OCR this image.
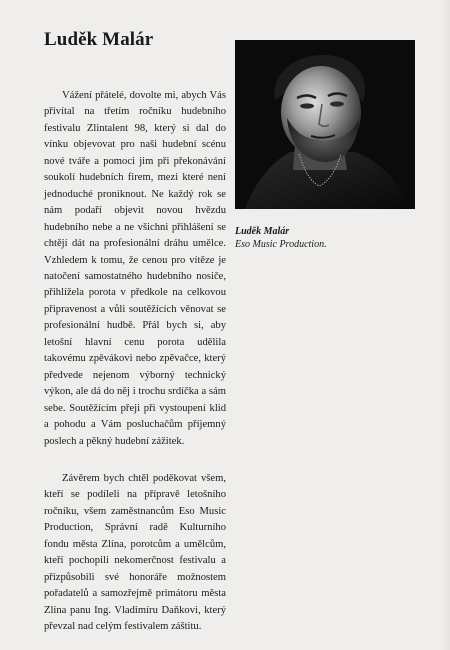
Luděk Malár

Vážení přátelé, dovolte mi, abych Vás přivítal na třetím ročníku hudebního festivalu Zlintalent 98, který si dal do vínku objevovat pro naši hudební scénu nové tváře a pomoci jim při překonávání soukolí hudebních firem, mezi které není jednoduché proniknout. Ne každý rok se nám podaří objevit novou hvězdu hudebního nebe a ne všichni přihlášení se chtějí dát na profesionální dráhu umělce. Vzhledem k tomu, že cenou pro vítěze je natočení samostatného hudebního nosiče, přihlížela porota v předkole na celkovou připravenost a vůli soutěžících věnovat se profesionální hudbě. Přál bych si, aby letošní hlavní cenu porota udělila takovému zpěvákovi nebo zpěvačce, který předvede nejenom výborný technický výkon, ale dá do něj i trochu srdíčka a sám sebe. Soutěžícím přeji při vystoupení klid a pohodu a Vám posluchačům příjemný poslech a pěkný hudební zážitek.

Závěrem bych chtěl poděkovat všem, kteří se podíleli na přípravě letošního ročníku, všem zaměstnancům Eso Music Production, Správní radě Kulturního fondu města Zlína, porotcům a umělcům, kteří pochopili nekomerčnost festivalu a přizpůsobili své honoráře možnostem pořadatelů a samozřejmě primátoru města Zlína panu Ing. Vladimíru Daňkovi, který převzal nad celým festivalem záštitu.

Luděk Malár
Eso Music Production.
